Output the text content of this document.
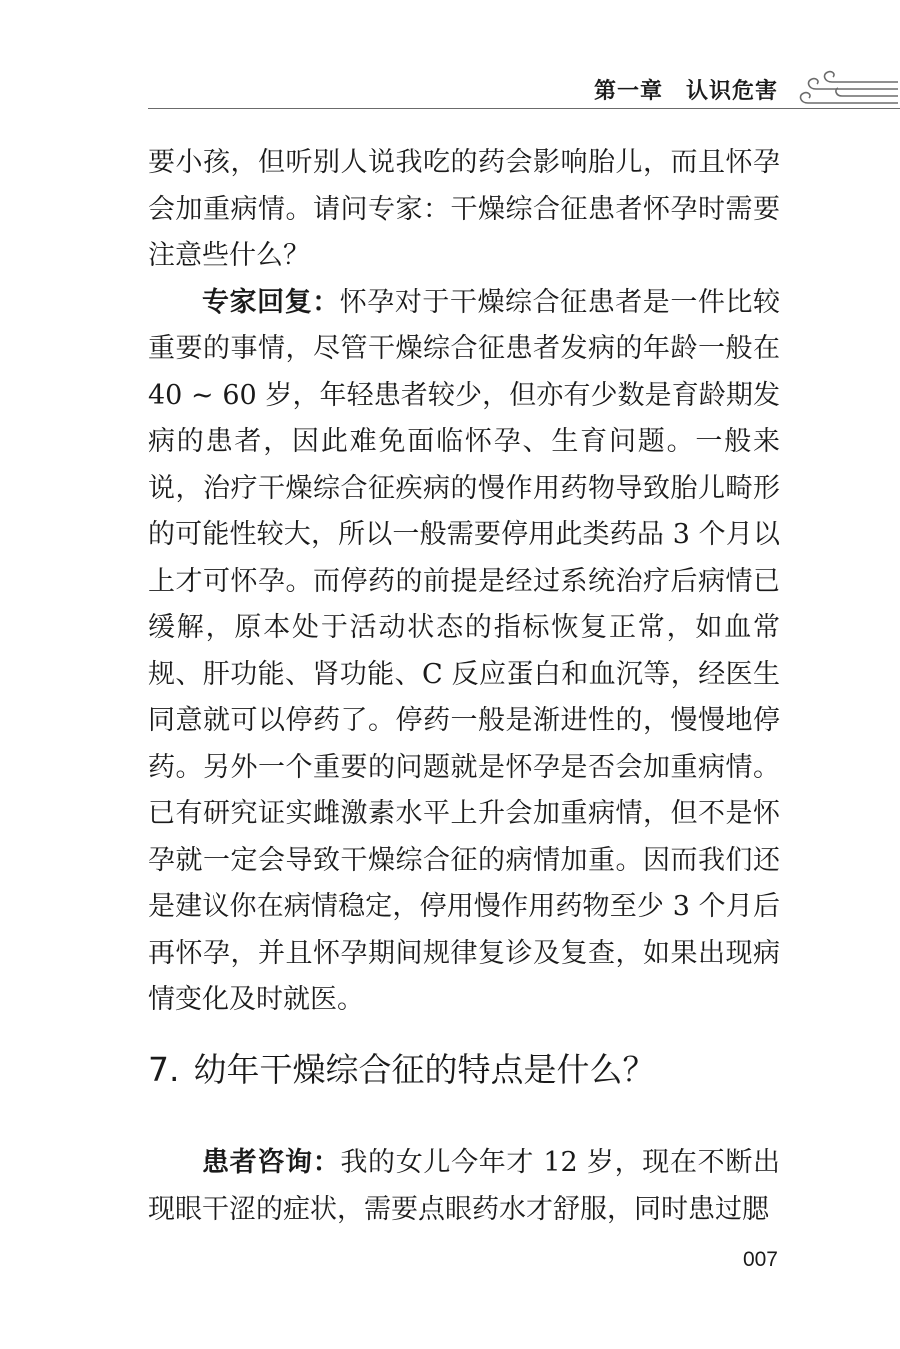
第一章　认识危害

要小孩，但听别人说我吃的药会影响胎儿，而且怀孕会加重病情。请问专家：干燥综合征患者怀孕时需要注意些什么？

专家回复：怀孕对于干燥综合征患者是一件比较重要的事情，尽管干燥综合征患者发病的年龄一般在 40 ~ 60 岁，年轻患者较少，但亦有少数是育龄期发病的患者，因此难免面临怀孕、生育问题。一般来说，治疗干燥综合征疾病的慢作用药物导致胎儿畸形的可能性较大，所以一般需要停用此类药品 3 个月以上才可怀孕。而停药的前提是经过系统治疗后病情已缓解，原本处于活动状态的指标恢复正常，如血常规、肝功能、肾功能、C 反应蛋白和血沉等，经医生同意就可以停药了。停药一般是渐进性的，慢慢地停药。另外一个重要的问题就是怀孕是否会加重病情。已有研究证实雌激素水平上升会加重病情，但不是怀孕就一定会导致干燥综合征的病情加重。因而我们还是建议你在病情稳定，停用慢作用药物至少 3 个月后再怀孕，并且怀孕期间规律复诊及复查，如果出现病情变化及时就医。

7. 幼年干燥综合征的特点是什么？

患者咨询：我的女儿今年才 12 岁，现在不断出现眼干涩的症状，需要点眼药水才舒服，同时患过腮

007
